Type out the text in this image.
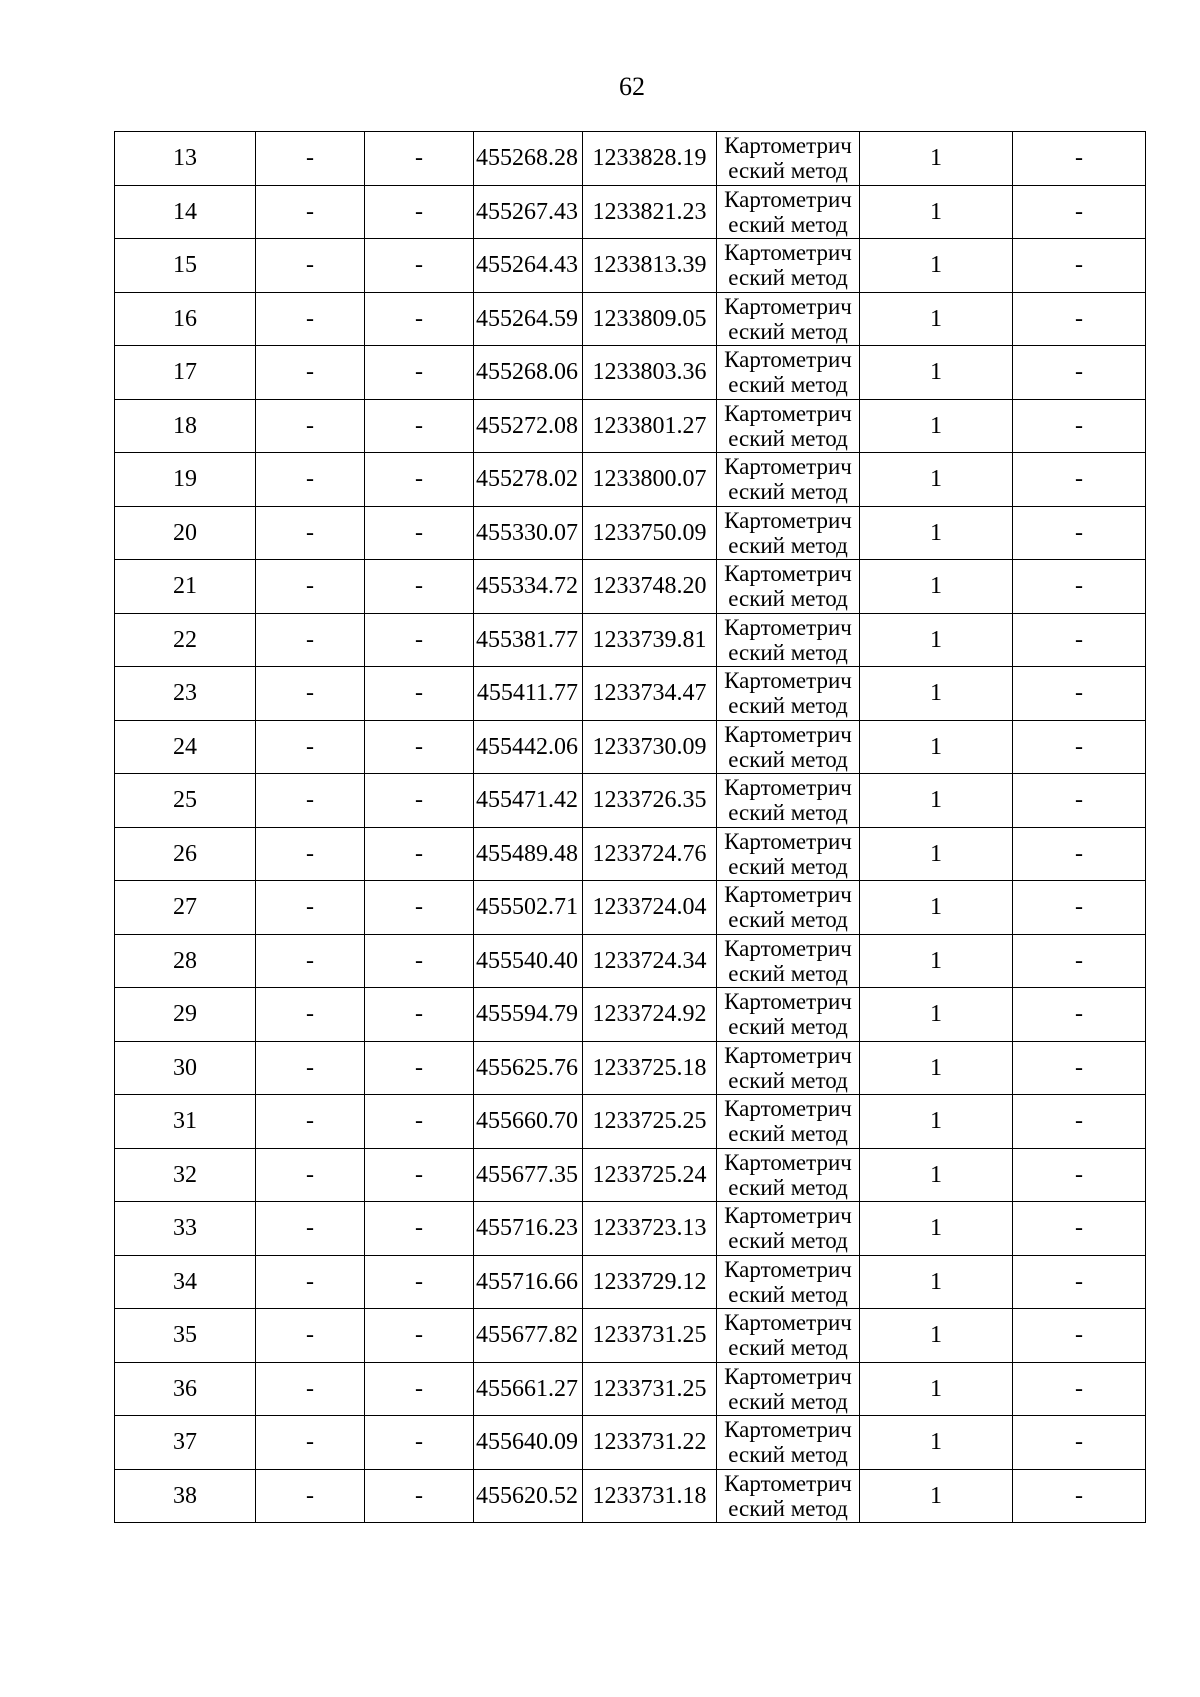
62
13	-	-	455268.28	1233828.19	Картометрический метод	1	-
14	-	-	455267.43	1233821.23	Картометрический метод	1	-
15	-	-	455264.43	1233813.39	Картометрический метод	1	-
16	-	-	455264.59	1233809.05	Картометрический метод	1	-
17	-	-	455268.06	1233803.36	Картометрический метод	1	-
18	-	-	455272.08	1233801.27	Картометрический метод	1	-
19	-	-	455278.02	1233800.07	Картометрический метод	1	-
20	-	-	455330.07	1233750.09	Картометрический метод	1	-
21	-	-	455334.72	1233748.20	Картометрический метод	1	-
22	-	-	455381.77	1233739.81	Картометрический метод	1	-
23	-	-	455411.77	1233734.47	Картометрический метод	1	-
24	-	-	455442.06	1233730.09	Картометрический метод	1	-
25	-	-	455471.42	1233726.35	Картометрический метод	1	-
26	-	-	455489.48	1233724.76	Картометрический метод	1	-
27	-	-	455502.71	1233724.04	Картометрический метод	1	-
28	-	-	455540.40	1233724.34	Картометрический метод	1	-
29	-	-	455594.79	1233724.92	Картометрический метод	1	-
30	-	-	455625.76	1233725.18	Картометрический метод	1	-
31	-	-	455660.70	1233725.25	Картометрический метод	1	-
32	-	-	455677.35	1233725.24	Картометрический метод	1	-
33	-	-	455716.23	1233723.13	Картометрический метод	1	-
34	-	-	455716.66	1233729.12	Картометрический метод	1	-
35	-	-	455677.82	1233731.25	Картометрический метод	1	-
36	-	-	455661.27	1233731.25	Картометрический метод	1	-
37	-	-	455640.09	1233731.22	Картометрический метод	1	-
38	-	-	455620.52	1233731.18	Картометрический метод	1	-
